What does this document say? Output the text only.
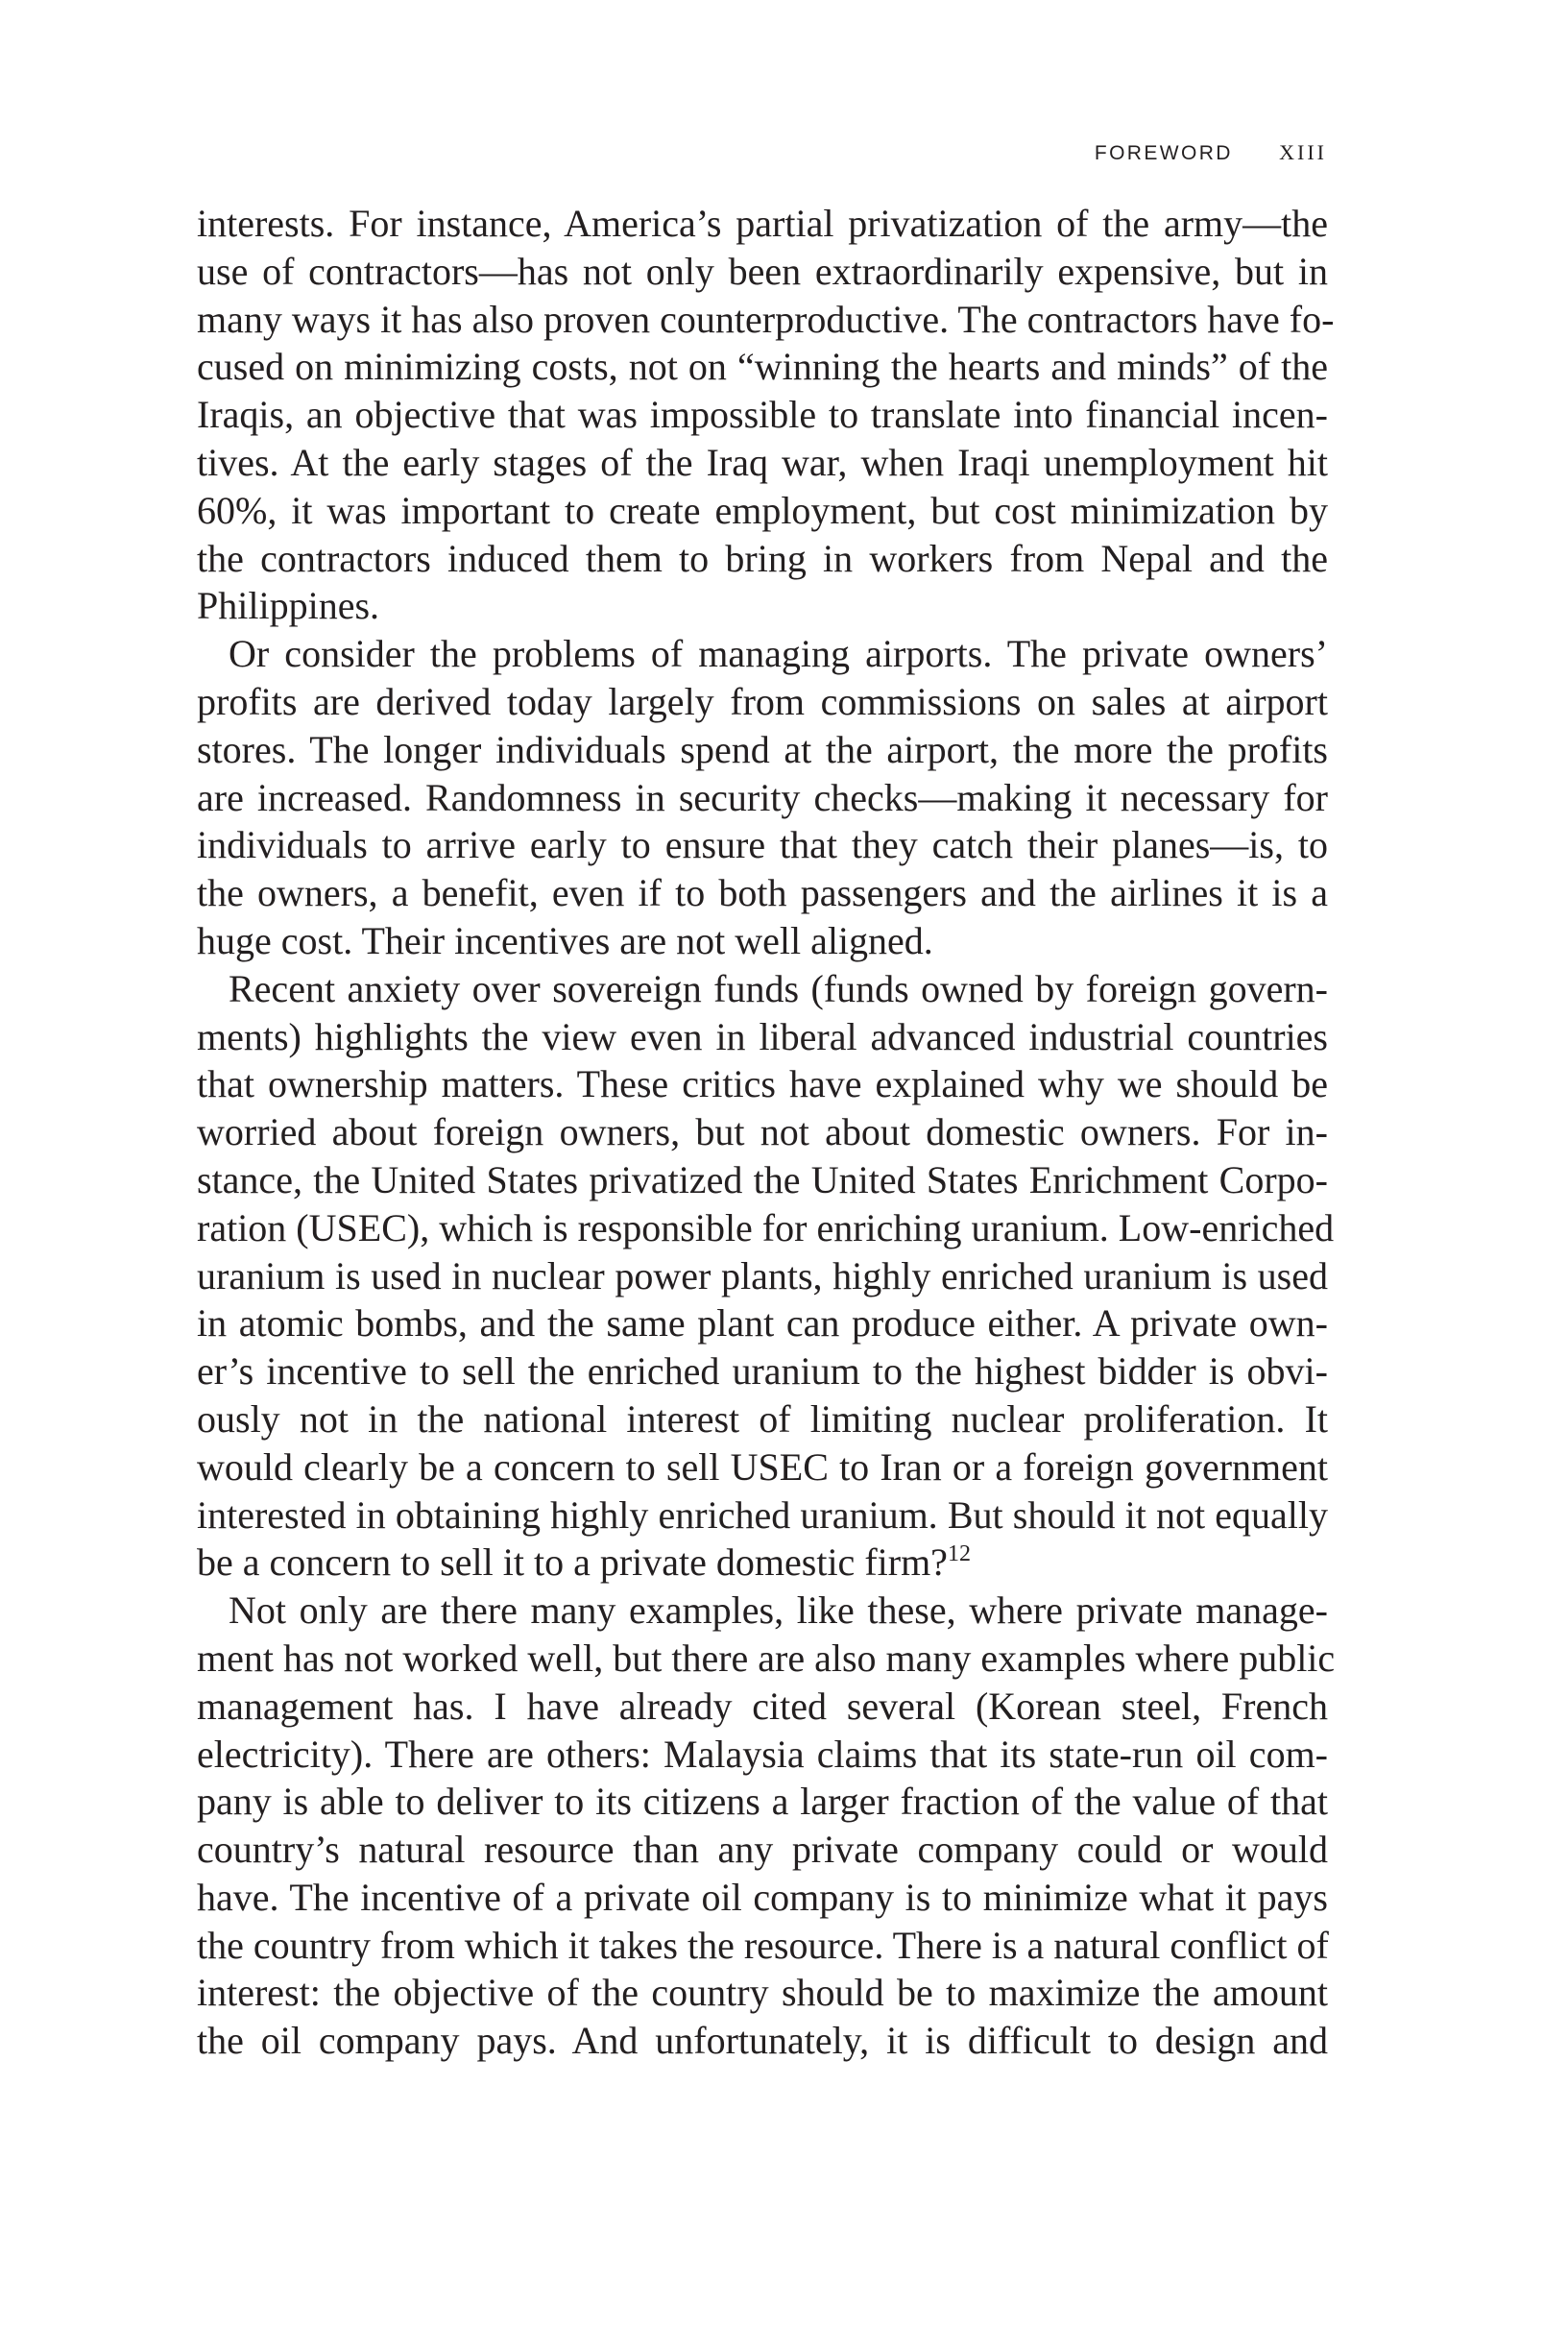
FOREWORD XIII
interests. For instance, America’s partial privatization of the army—the
use of contractors—has not only been extraordinarily expensive, but in
many ways it has also proven counterproductive. The contractors have fo-
cused on minimizing costs, not on “winning the hearts and minds” of the
Iraqis, an objective that was impossible to translate into financial incen-
tives. At the early stages of the Iraq war, when Iraqi unemployment hit
60%, it was important to create employment, but cost minimization by
the contractors induced them to bring in workers from Nepal and the
Philippines.
Or consider the problems of managing airports. The private owners’
profits are derived today largely from commissions on sales at airport
stores. The longer individuals spend at the airport, the more the profits
are increased. Randomness in security checks—making it necessary for
individuals to arrive early to ensure that they catch their planes—is, to
the owners, a benefit, even if to both passengers and the airlines it is a
huge cost. Their incentives are not well aligned.
Recent anxiety over sovereign funds (funds owned by foreign govern-
ments) highlights the view even in liberal advanced industrial countries
that ownership matters. These critics have explained why we should be
worried about foreign owners, but not about domestic owners. For in-
stance, the United States privatized the United States Enrichment Corpo-
ration (USEC), which is responsible for enriching uranium. Low-enriched
uranium is used in nuclear power plants, highly enriched uranium is used
in atomic bombs, and the same plant can produce either. A private own-
er’s incentive to sell the enriched uranium to the highest bidder is obvi-
ously not in the national interest of limiting nuclear proliferation. It
would clearly be a concern to sell USEC to Iran or a foreign government
interested in obtaining highly enriched uranium. But should it not equally
be a concern to sell it to a private domestic firm?$^{12}$
Not only are there many examples, like these, where private manage-
ment has not worked well, but there are also many examples where public
management has. I have already cited several (Korean steel, French
electricity). There are others: Malaysia claims that its state-run oil com-
pany is able to deliver to its citizens a larger fraction of the value of that
country’s natural resource than any private company could or would
have. The incentive of a private oil company is to minimize what it pays
the country from which it takes the resource. There is a natural conflict of
interest: the objective of the country should be to maximize the amount
the oil company pays. And unfortunately, it is difficult to design and
